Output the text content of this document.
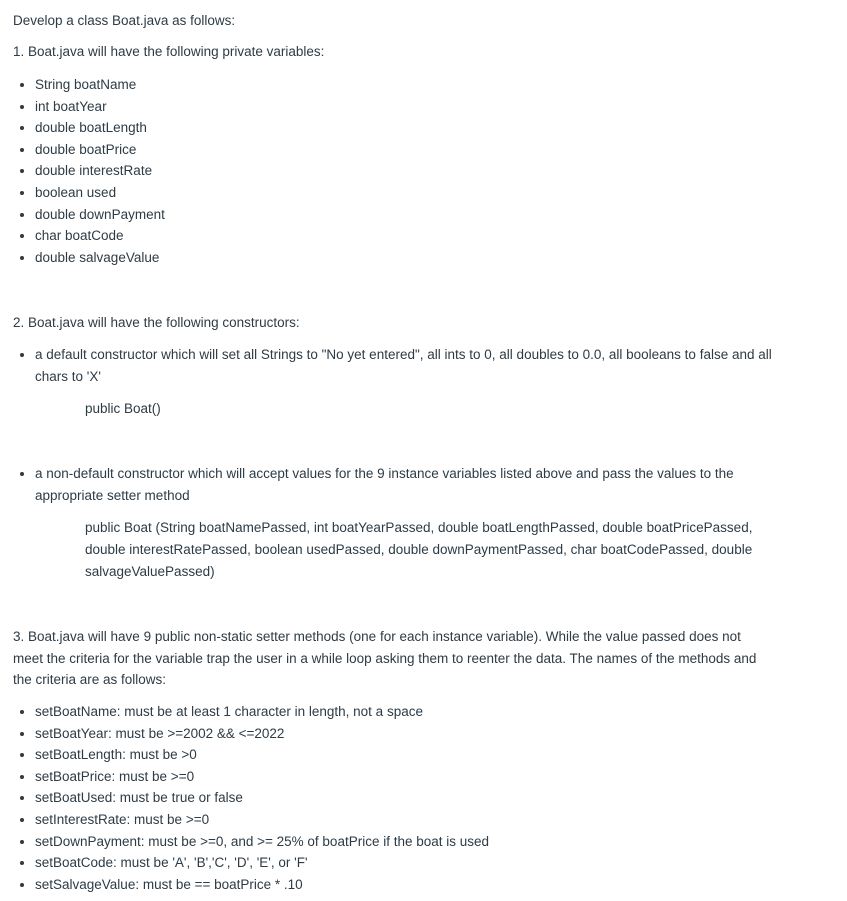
Develop a class Boat.java as follows:

1. Boat.java will have the following private variables:

• String boatName
• int boatYear
• double boatLength
• double boatPrice
• double interestRate
• boolean used
• double downPayment
• char boatCode
• double salvageValue

2. Boat.java will have the following constructors:

• a default constructor which will set all Strings to "No yet entered", all ints to 0, all doubles to 0.0, all booleans to false and all chars to 'X'

public Boat()

• a non-default constructor which will accept values for the 9 instance variables listed above and pass the values to the appropriate setter method

public Boat (String boatNamePassed, int boatYearPassed, double boatLengthPassed, double boatPricePassed, double interestRatePassed, boolean usedPassed, double downPaymentPassed, char boatCodePassed, double salvageValuePassed)

3. Boat.java will have 9 public non-static setter methods (one for each instance variable). While the value passed does not meet the criteria for the variable trap the user in a while loop asking them to reenter the data. The names of the methods and the criteria are as follows:

• setBoatName: must be at least 1 character in length, not a space
• setBoatYear: must be >=2002 && <=2022
• setBoatLength: must be >0
• setBoatPrice: must be >=0
• setBoatUsed: must be true or false
• setInterestRate: must be >=0
• setDownPayment: must be >=0, and >= 25% of boatPrice if the boat is used
• setBoatCode: must be 'A', 'B','C', 'D', 'E', or 'F'
• setSalvageValue: must be == boatPrice * .10
